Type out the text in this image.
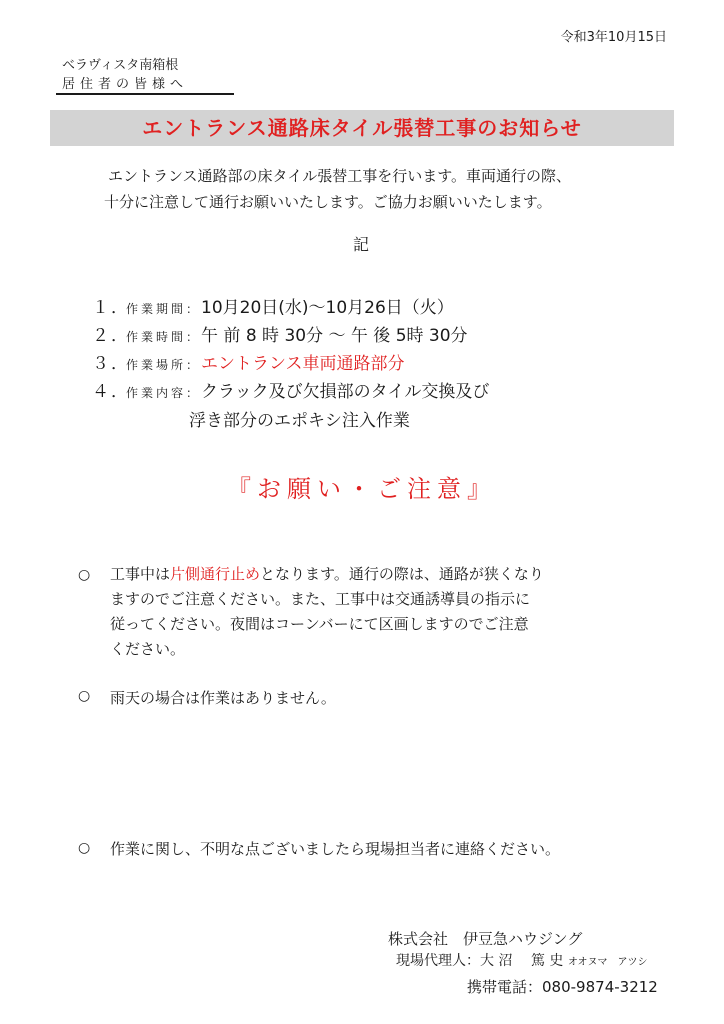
令和3年10月15日
ベラヴィスタ南箱根
居住者の皆様へ
エントランス通路床タイル張替工事のお知らせ
エントランス通路部の床タイル張替工事を行います。車両通行の際、
十分に注意して通行お願いいたします。ご協力お願いいたします。
記
１．作業期間：10月20日(水)～10月26日（火）
２．作業時間：午 前 8 時 30分 ～ 午 後 5時 30分
３．作業場所：エントランス車両通路部分
４．作業内容：クラック及び欠損部のタイル交換及び
浮き部分のエポキシ注入作業
『お願い・ご注意』
○ 工事中は片側通行止めとなります。通行の際は、通路が狭くなり
ますのでご注意ください。また、工事中は交通誘導員の指示に
従ってください。夜間はコーンバーにて区画しますのでご注意
ください。
○ 雨天の場合は作業はありません。
○ 作業に関し、不明な点ございましたら現場担当者に連絡ください。
株式会社　伊豆急ハウジング
現場代理人：大 沼　 篤 史 オオヌマ　アツシ
携帯電話：080-9874-3212
